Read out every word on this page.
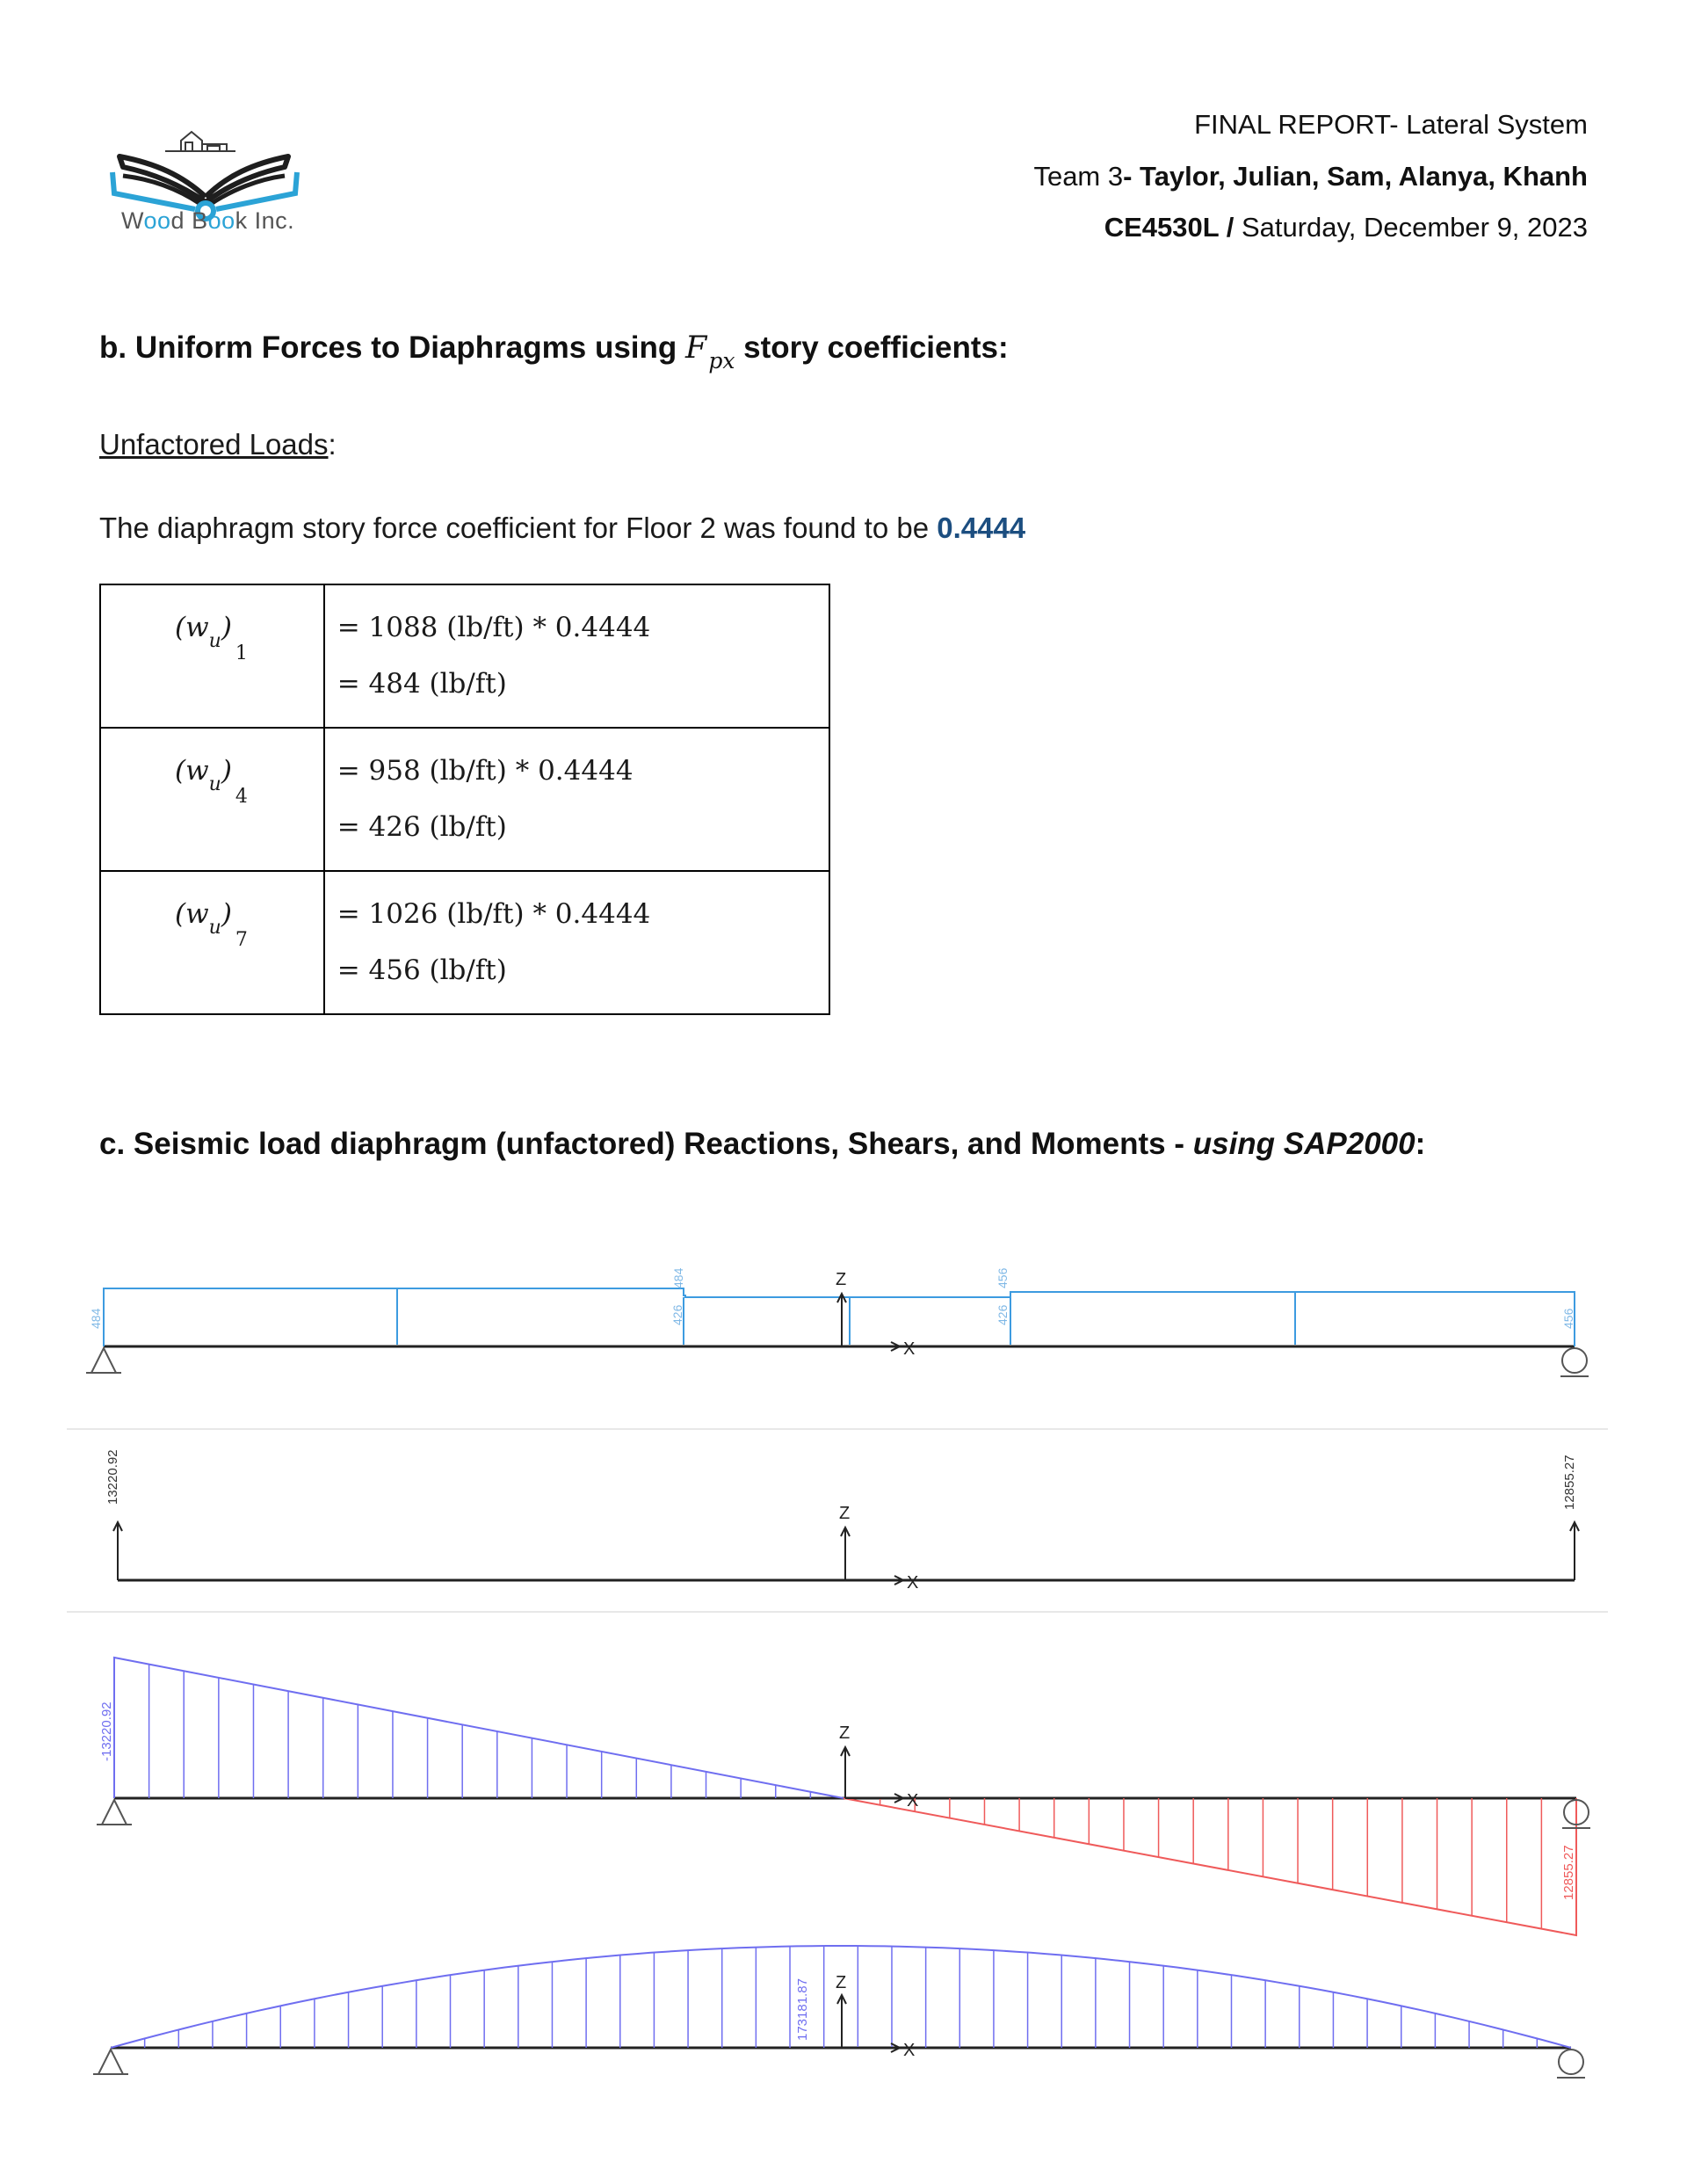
Wood Book Inc.
FINAL REPORT- Lateral System
Team 3- Taylor, Julian, Sam, Alanya, Khanh
CE4530L / Saturday, December 9, 2023
b. Uniform Forces to Diaphragms using $F_{px}$ story coefficients:
Unfactored Loads:
The diaphragm story force coefficient for Floor 2 was found to be 0.4444
$(w_u)_1$	= 1088 (lb/ft) * 0.4444
= 484 (lb/ft)

$(w_u)_4$	= 958 (lb/ft) * 0.4444
= 426 (lb/ft)

$(w_u)_7$	= 1026 (lb/ft) * 0.4444
= 456 (lb/ft)
c. Seismic load diaphragm (unfactored) Reactions, Shears, and Moments - using SAP2000:
484	426
484	456
426	456
Z
X
13220.92	12855.27
Z
X
-13220.92
12855.27
Z
X
173181.87 Z
X
